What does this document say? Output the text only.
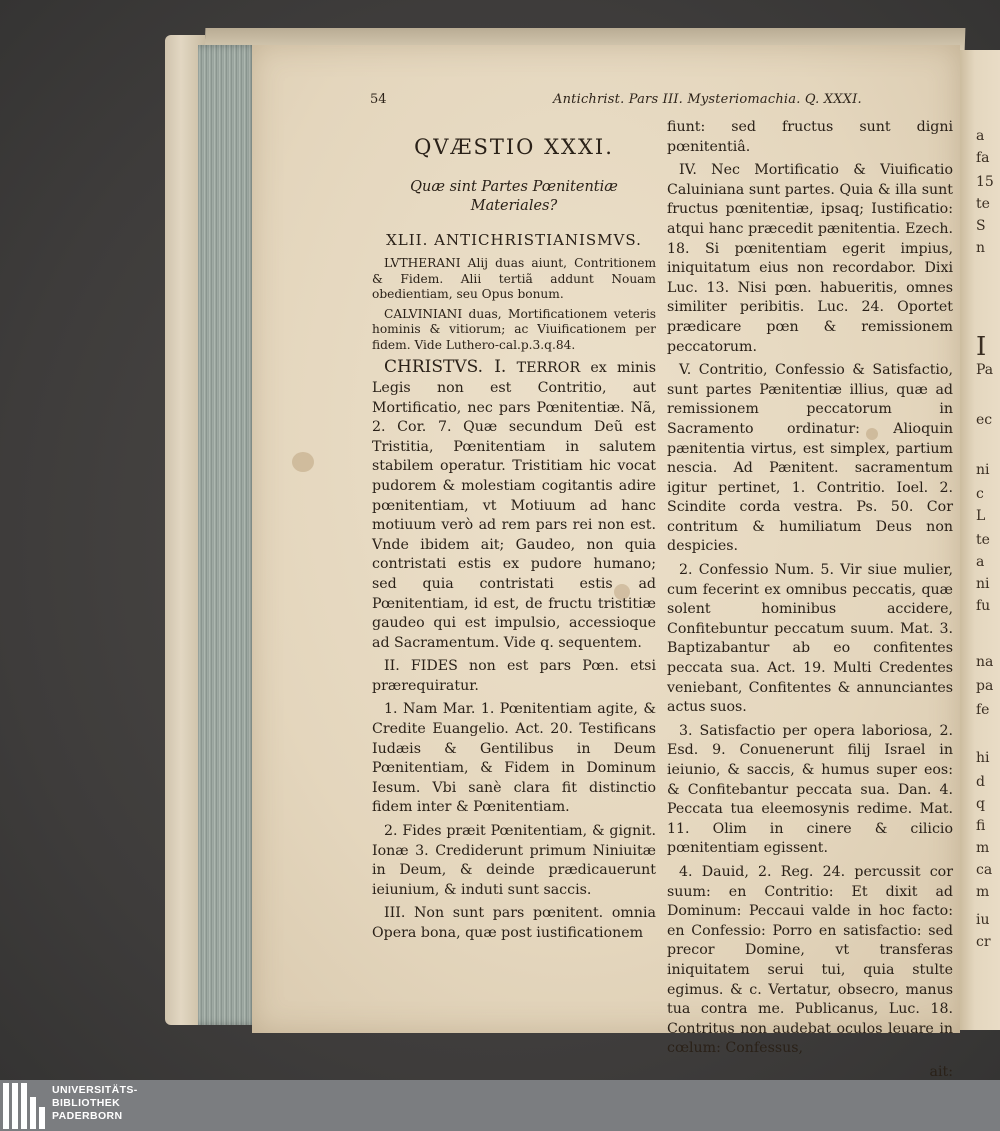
a
fa
15
te
S
n
I
Pa
ec
ni
c
L
te
a
ni
fu
na
pa
fe
hi
d
q
fi
m
ca
m
iu
cr
54	Antichrist. Pars III. Mysteriomachia. Q. XXXI.

QVÆSTIO XXXI.

Quæ sint Partes Pœnitentiæ Materiales?

XLII. ANTICHRISTIANISMVS.

LVTHERANI Alij duas aiunt, Contritionem & Fidem. Alii tertiã addunt Nouam obedientiam, seu Opus bonum.

CALVINIANI duas, Mortificationem veteris hominis & vitiorum; ac Viuificationem per fidem. Vide Luthero-cal.p.3.q.84.

CHRISTVS. I. TERROR ex minis Legis non est Contritio, aut Mortificatio, nec pars Pœnitentiæ. Nã, 2. Cor. 7. Quæ secundum Deũ est Tristitia, Pœnitentiam in salutem stabilem operatur. Tristitiam hic vocat pudorem & molestiam cogitantis adire pœnitentiam, vt Motiuum ad hanc motiuum verò ad rem pars rei non est. Vnde ibidem ait; Gaudeo, non quia contristati estis ex pudore humano; sed quia contristati estis ad Pœnitentiam, id est, de fructu tristitiæ gaudeo qui est impulsio, accessioque ad Sacramentum. Vide q. sequentem.

II. FIDES non est pars Pœn. etsi prærequiratur.

1. Nam Mar. 1. Pœnitentiam agite, & Credite Euangelio. Act. 20. Testificans Iudæis & Gentilibus in Deum Pœnitentiam, & Fidem in Dominum Iesum. Vbi sanè clara fit distinctio fidem inter & Pœnitentiam.

2. Fides præit Pœnitentiam, & gignit. Ionæ 3. Crediderunt primum Niniuitæ in Deum, & deinde prædicauerunt ieiunium, & induti sunt saccis.

III. Non sunt pars pœnitent. omnia Opera bona, quæ post iustificationem

fiunt: sed fructus sunt digni pœnitentiâ.

IV. Nec Mortificatio & Viuificatio Caluiniana sunt partes. Quia & illa sunt fructus pœnitentiæ, ipsaq; Iustificatio: atqui hanc præcedit pænitentia. Ezech. 18. Si pœnitentiam egerit impius, iniquitatum eius non recordabor. Dixi Luc. 13. Nisi pœn. habueritis, omnes similiter peribitis. Luc. 24. Oportet prædicare pœn & remissionem peccatorum.

V. Contritio, Confessio & Satisfactio, sunt partes Pænitentiæ illius, quæ ad remissionem peccatorum in Sacramento ordinatur: Alioquin pænitentia virtus, est simplex, partium nescia. Ad Pænitent. sacramentum igitur pertinet, 1. Contritio. Ioel. 2. Scindite corda vestra. Ps. 50. Cor contritum & humiliatum Deus non despicies.

2. Confessio Num. 5. Vir siue mulier, cum fecerint ex omnibus peccatis, quæ solent hominibus accidere, Confitebuntur peccatum suum. Mat. 3. Baptizabantur ab eo confitentes peccata sua. Act. 19. Multi Credentes veniebant, Confitentes & annunciantes actus suos.

3. Satisfactio per opera laboriosa, 2. Esd. 9. Conuenerunt filij Israel in ieiunio, & saccis, & humus super eos: & Confitebantur peccata sua. Dan. 4. Peccata tua eleemosynis redime. Mat. 11. Olim in cinere & cilicio pœnitentiam egissent.

4. Dauid, 2. Reg. 24. percussit cor suum: en Contritio: Et dixit ad Dominum: Peccaui valde in hoc facto: en Confessio: Porro en satisfactio: sed precor Domine, vt transferas iniquitatem serui tui, quia stulte egimus. & c. Vertatur, obsecro, manus tua contra me. Publicanus, Luc. 18. Contritus non audebat oculos leuare in cœlum: Confessus,

ait:

UNIVERSITÄTS-
BIBLIOTHEK
PADERBORN
